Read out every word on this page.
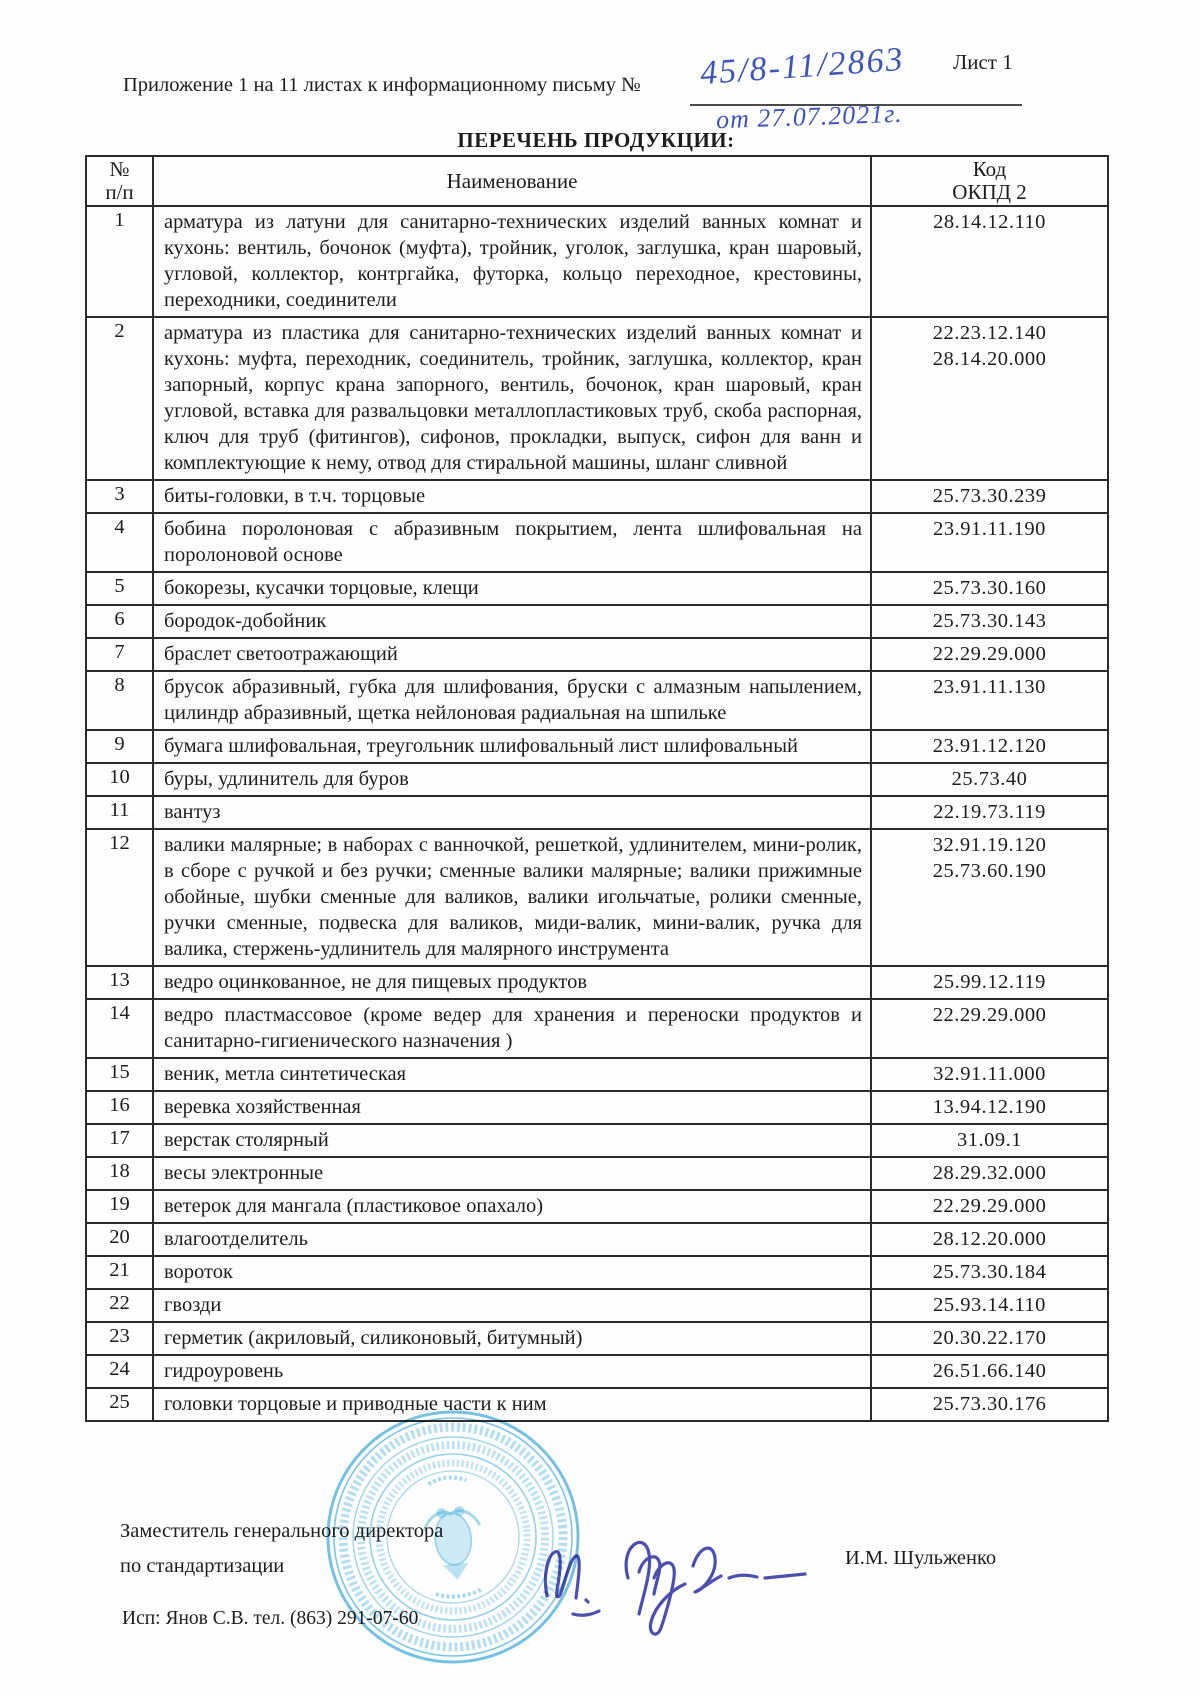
Лист 1
Приложение 1 на 11 листах к информационному письму № 45/8-11/2863
от 27.07.2021г.
ПЕРЕЧЕНЬ ПРОДУКЦИИ:
№
п/п	Наименование	Код
ОКПД 2

1	арматура из латуни для санитарно-технических изделий ванных комнат и кухонь: вентиль, бочонок (муфта), тройник, уголок, заглушка, кран шаровый, угловой, коллектор, контргайка, футорка, кольцо переходное, крестовины, переходники, соединители	28.14.12.110

2	арматура из пластика для санитарно-технических изделий ванных комнат и кухонь: муфта, переходник, соединитель, тройник, заглушка, коллектор, кран запорный, корпус крана запорного, вентиль, бочонок, кран шаровый, кран угловой, вставка для развальцовки металлопластиковых труб, скоба распорная, ключ для труб (фитингов), сифонов, прокладки, выпуск, сифон для ванн и комплектующие к нему, отвод для стиральной машины, шланг сливной	22.23.12.140
28.14.20.000

3	биты-головки, в т.ч. торцовые	25.73.30.239

4	бобина поролоновая с абразивным покрытием, лента шлифовальная на поролоновой основе	23.91.11.190

5	бокорезы, кусачки торцовые, клещи	25.73.30.160

6	бородок-добойник	25.73.30.143

7	браслет светоотражающий	22.29.29.000

8	брусок абразивный, губка для шлифования, бруски с алмазным напылением, цилиндр абразивный, щетка нейлоновая радиальная на шпильке	23.91.11.130

9	бумага шлифовальная, треугольник шлифовальный лист шлифовальный	23.91.12.120

10	буры, удлинитель для буров	25.73.40

11	вантуз	22.19.73.119

12	валики малярные; в наборах с ванночкой, решеткой, удлинителем, мини-ролик, в сборе с ручкой и без ручки; сменные валики малярные; валики прижимные обойные, шубки сменные для валиков, валики игольчатые, ролики сменные, ручки сменные, подвеска для валиков, миди-валик, мини-валик, ручка для валика, стержень-удлинитель для малярного инструмента	32.91.19.120
25.73.60.190

13	ведро оцинкованное, не для пищевых продуктов	25.99.12.119

14	ведро пластмассовое (кроме ведер для хранения и переноски продуктов и санитарно-гигиенического назначения )	22.29.29.000

15	веник, метла синтетическая	32.91.11.000

16	веревка хозяйственная	13.94.12.190

17	верстак столярный	31.09.1

18	весы электронные	28.29.32.000

19	ветерок для мангала (пластиковое опахало)	22.29.29.000

20	влагоотделитель	28.12.20.000

21	вороток	25.73.30.184

22	гвозди	25.93.14.110

23	герметик (акриловый, силиконовый, битумный)	20.30.22.170

24	гидроуровень	26.51.66.140

25	головки торцовые и приводные части к ним	25.73.30.176
Заместитель генерального директора
по стандартизации	И.М. Шульженко
Исп: Янов С.В. тел. (863) 291-07-60
